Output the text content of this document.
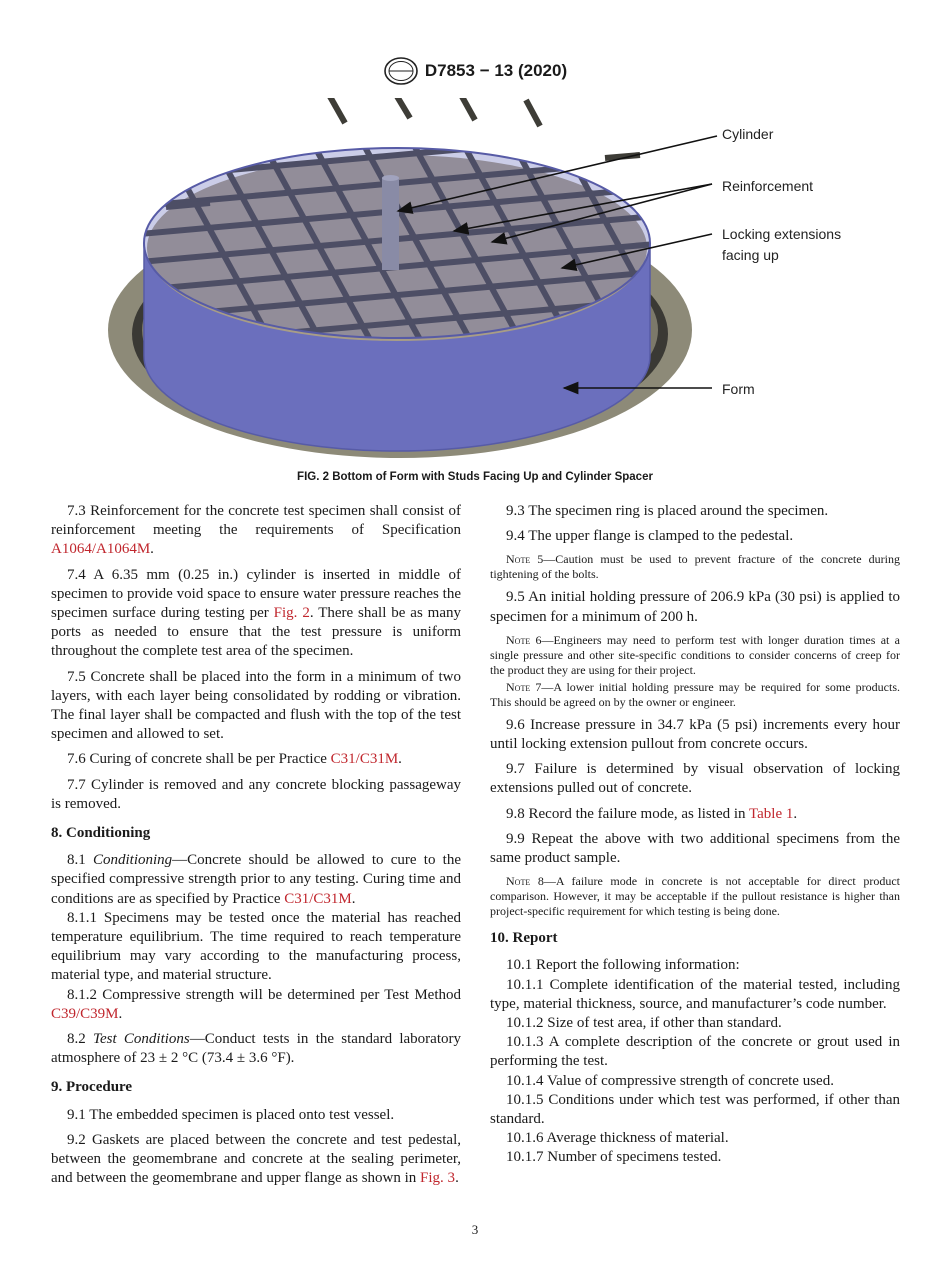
D7853 − 13 (2020)
Cylinder
Reinforcement
Locking extensions
facing up
Form
FIG. 2 Bottom of Form with Studs Facing Up and Cylinder Spacer

7.3 Reinforcement for the concrete test specimen shall consist of reinforcement meeting the requirements of Specification A1064/A1064M.

7.4 A 6.35 mm (0.25 in.) cylinder is inserted in middle of specimen to provide void space to ensure water pressure reaches the specimen surface during testing per Fig. 2. There shall be as many ports as needed to ensure that the test pressure is uniform throughout the complete test area of the specimen.

7.5 Concrete shall be placed into the form in a minimum of two layers, with each layer being consolidated by rodding or vibration. The final layer shall be compacted and flush with the top of the test specimen and allowed to set.

7.6 Curing of concrete shall be per Practice C31/C31M.

7.7 Cylinder is removed and any concrete blocking passageway is removed.

8. Conditioning

8.1 Conditioning—Concrete should be allowed to cure to the specified compressive strength prior to any testing. Curing time and conditions are as specified by Practice C31/C31M.

8.1.1 Specimens may be tested once the material has reached temperature equilibrium. The time required to reach temperature equilibrium may vary according to the manufacturing process, material type, and material structure.

8.1.2 Compressive strength will be determined per Test Method C39/C39M.

8.2 Test Conditions—Conduct tests in the standard laboratory atmosphere of 23 ± 2 °C (73.4 ± 3.6 °F).

9. Procedure

9.1 The embedded specimen is placed onto test vessel.

9.2 Gaskets are placed between the concrete and test pedestal, between the geomembrane and concrete at the sealing perimeter, and between the geomembrane and upper flange as shown in Fig. 3.

9.3 The specimen ring is placed around the specimen.

9.4 The upper flange is clamped to the pedestal.

Note 5—Caution must be used to prevent fracture of the concrete during tightening of the bolts.

9.5 An initial holding pressure of 206.9 kPa (30 psi) is applied to specimen for a minimum of 200 h.

Note 6—Engineers may need to perform test with longer duration times at a single pressure and other site-specific conditions to consider concerns of creep for the product they are using for their project.

Note 7—A lower initial holding pressure may be required for some products. This should be agreed on by the owner or engineer.

9.6 Increase pressure in 34.7 kPa (5 psi) increments every hour until locking extension pullout from concrete occurs.

9.7 Failure is determined by visual observation of locking extensions pulled out of concrete.

9.8 Record the failure mode, as listed in Table 1.

9.9 Repeat the above with two additional specimens from the same product sample.

Note 8—A failure mode in concrete is not acceptable for direct product comparison. However, it may be acceptable if the pullout resistance is higher than project-specific requirement for which testing is being done.

10. Report

10.1 Report the following information:

10.1.1 Complete identification of the material tested, including type, material thickness, source, and manufacturer’s code number.

10.1.2 Size of test area, if other than standard.

10.1.3 A complete description of the concrete or grout used in performing the test.

10.1.4 Value of compressive strength of concrete used.

10.1.5 Conditions under which test was performed, if other than standard.

10.1.6 Average thickness of material.

10.1.7 Number of specimens tested.

3
